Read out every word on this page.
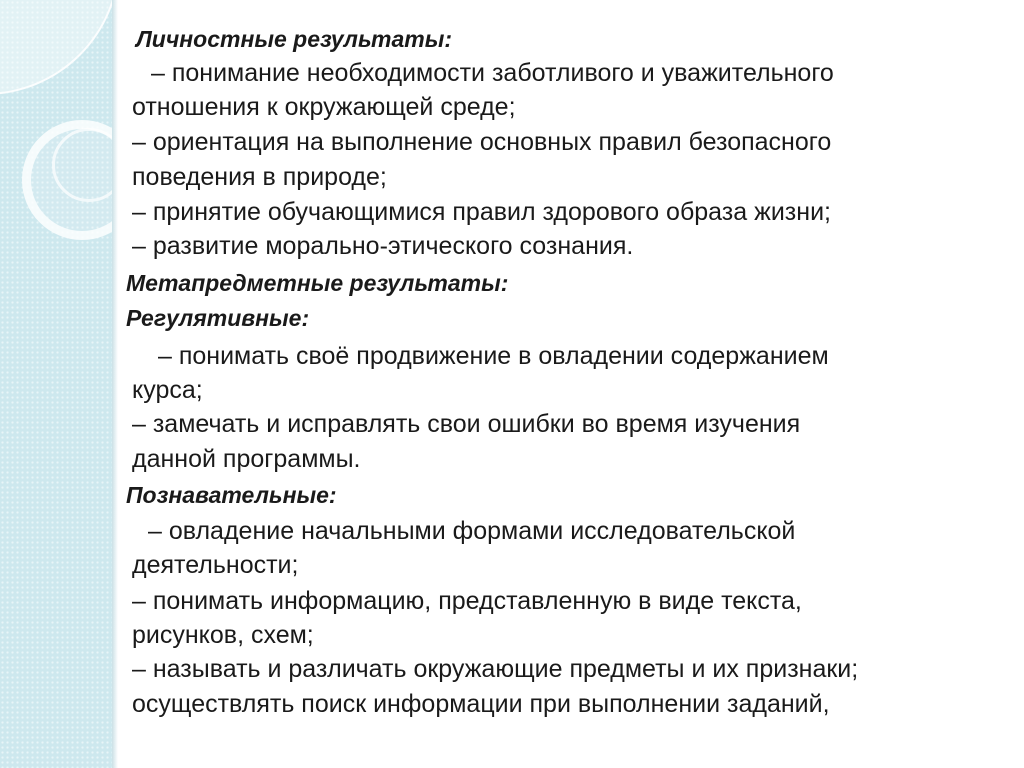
Личностные результаты:
– понимание необходимости заботливого и уважительного
отношения к окружающей среде;
– ориентация на выполнение основных правил безопасного
поведения в природе;
– принятие обучающимися правил здорового образа жизни;
– развитие морально-этического сознания.
Метапредметные результаты:
Регулятивные:
– понимать своё продвижение в овладении содержанием
курса;
– замечать и исправлять свои ошибки во время изучения
данной программы.
Познавательные:
– овладение начальными формами исследовательской
деятельности;
– понимать информацию, представленную в виде текста,
рисунков, схем;
– называть и различать окружающие предметы и их признаки;
осуществлять поиск информации при выполнении заданий,
